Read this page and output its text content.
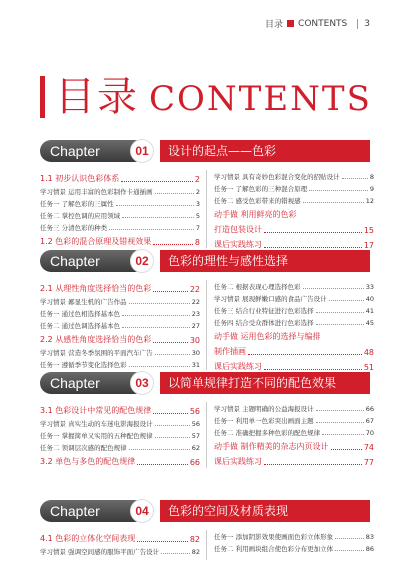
目录 CONTENTS	3
目录 CONTENTS
Chapter	01	设计的起点——色彩
1.1 初步认识色彩体系	2
学习情景 运用丰富的色彩制作卡通插画	2
任务一 了解色彩的三属性	3
任务二 掌控色调的应用领域	5
任务三 分清色彩的种类	7
1.2 色彩的混合原理及错视效果	8
学习情景 具有奇妙色彩混合变化的招贴设计	8
任务一 了解色彩的三种混合原理	9
任务二 感受色彩带来的错视感	12
动手做 利用鲜亮的色彩
打造包装设计	15
课后实践练习	17
Chapter	02	色彩的理性与感性选择
2.1 从理性角度选择恰当的色彩	22
学习情景 鄙显生机的广告作品	22
任务一 通过色相选择基本色	23
任务二 通过色调选择基本色	27
2.2 从感性角度选择恰当的色彩	30
学习情景 营造冬季氛围的平面汽车广告	30
任务一 遵循季节变化选择色彩	31
任务二 根据表现心理选择色彩	33
学习情景 展现鲜嫩口感的食品广告设计	40
任务三 结合行业特征进行色彩选择	41
任务四 结合受众群体进行色彩选择	45
动手做 运用色彩的选择与编排
制作插画	48
课后实践练习	51
Chapter	03	以简单规律打造不同的配色效果
3.1 色彩设计中常见的配色规律	56
学习情景 真实生动的车迷电影海报设计	56
任务一 掌握简单又实用的五种配色规律	57
任务二 领调层次感的配色规律	62
3.2 单色与多色的配色规律	66
学习情景 主题明确的公益海报设计	66
任务一 利用单一色彩突出画面主题	67
任务二 准确把握多种色彩的配色规律	70
动手做 制作精美的杂志内页设计	74
课后实践练习	77
Chapter	04	色彩的空间及材质表现
4.1 色彩的立体化空间表现	82
学习情景 强调空间感的服饰平面广告设计	82
任务一 添加阴影效果使画面色彩立体形象	83
任务二 利用画块组合使色彩分布更加立体	86
